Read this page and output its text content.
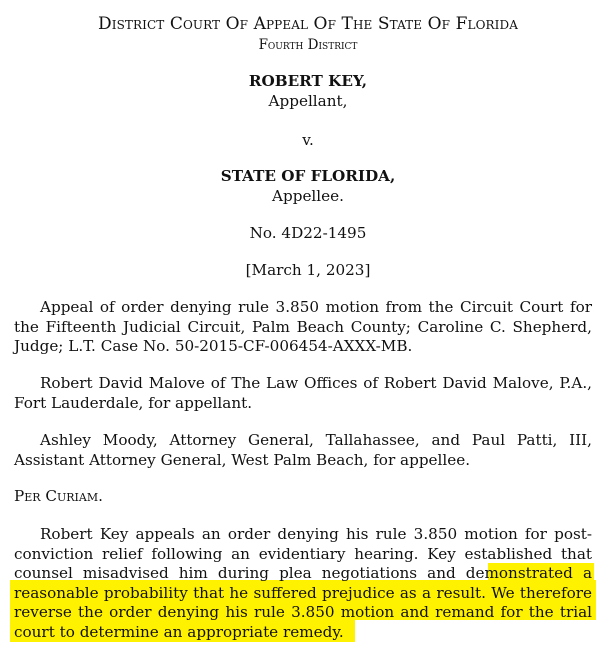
District Court Of Appeal Of The State Of Florida
Fourth District
ROBERT KEY,
Appellant,
v.
STATE OF FLORIDA,
Appellee.
No. 4D22-1495
[March 1, 2023]
Appeal of order denying rule 3.850 motion from the Circuit Court for the Fifteenth Judicial Circuit, Palm Beach County; Caroline C. Shepherd, Judge; L.T. Case No. 50-2015-CF-006454-AXXX-MB.
Robert David Malove of The Law Offices of Robert David Malove, P.A., Fort Lauderdale, for appellant.
Ashley Moody, Attorney General, Tallahassee, and Paul Patti, III, Assistant Attorney General, West Palm Beach, for appellee.
Per Curiam.
Robert Key appeals an order denying his rule 3.850 motion for post-conviction relief following an evidentiary hearing. Key established that counsel misadvised him during plea negotiations and demonstrated a reasonable probability that he suffered prejudice as a result. We therefore reverse the order denying his rule 3.850 motion and remand for the trial court to determine an appropriate remedy.
